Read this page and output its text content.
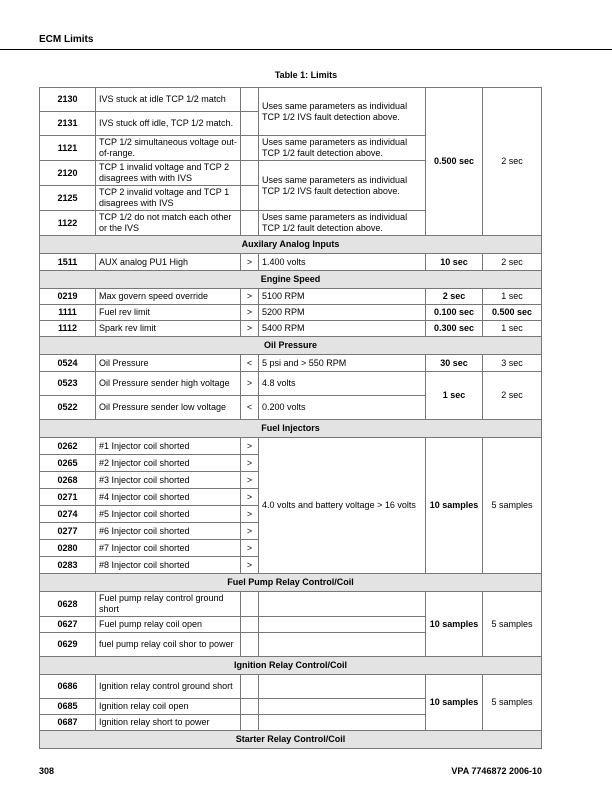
ECM Limits
Table 1: Limits
2130	IVS stuck at idle TCP 1/2 match		Uses same parameters as individual TCP 1/2 IVS fault detection above.	0.500 sec	2 sec
2131	IVS stuck off idle, TCP 1/2 match.				
1121	TCP 1/2 simultaneous voltage out-of-range.		Uses same parameters as individual TCP 1/2 fault detection above.		
2120	TCP 1 invalid voltage and TCP 2 disagrees with with IVS		Uses same parameters as individual TCP 1/2 IVS fault detection above.		
2125	TCP 2 invalid voltage and TCP 1 disagrees with IVS				
1122	TCP 1/2 do not match each other or the IVS		Uses same parameters as individual TCP 1/2 fault detection above.		
Auxilary Analog Inputs					
1511	AUX analog PU1 High	>	1.400 volts	10 sec	2 sec
Engine Speed					
0219	Max govern speed override	>	5100 RPM	2 sec	1 sec
1111	Fuel rev limit	>	5200 RPM	0.100 sec	0.500 sec
1112	Spark rev limit	>	5400 RPM	0.300 sec	1 sec
Oil Pressure					
0524	Oil Pressure	<	5 psi and > 550 RPM	30 sec	3 sec
0523	Oil Pressure sender high voltage	>	4.8 volts	1 sec	2 sec
0522	Oil Pressure sender low voltage	<	0.200 volts		
Fuel Injectors					
0262	#1 Injector coil shorted	>	4.0 volts and battery voltage > 16 volts	10 samples	5 samples
0265	#2 Injector coil shorted	>			
0268	#3 Injector coil shorted	>			
0271	#4 Injector coil shorted	>			
0274	#5 Injector coil shorted	>			
0277	#6 Injector coil shorted	>			
0280	#7 Injector coil shorted	>			
0283	#8 Injector coil shorted	>			
Fuel Pump Relay Control/Coil					
0628	Fuel pump relay control ground short			10 samples	5 samples
0627	Fuel pump relay coil open				
0629	fuel pump relay coil shor to power				
Ignition Relay Control/Coil					
0686	Ignition relay control ground short			10 samples	5 samples
0685	Ignition relay coil open				
0687	Ignition relay short to power				
Starter Relay Control/Coil					
308	VPA 7746872 2006-10
